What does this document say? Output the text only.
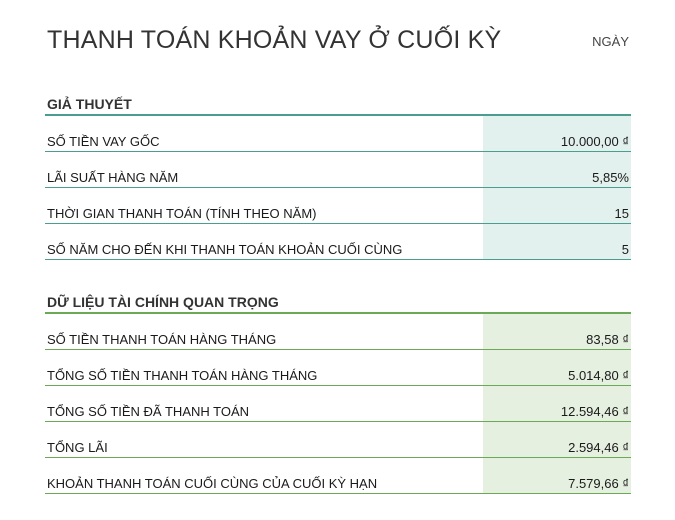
THANH TOÁN KHOẢN VAY Ở CUỐI KỲ	NGÀY
GIẢ THUYẾT
SỐ TIỀN VAY GỐC	10.000,00 ₫
LÃI SUẤT HÀNG NĂM	5,85%
THỜI GIAN THANH TOÁN (TÍNH THEO NĂM)	15
SỐ NĂM CHO ĐẾN KHI THANH TOÁN KHOẢN CUỐI CÙNG	5
DỮ LIỆU TÀI CHÍNH QUAN TRỌNG
SỐ TIỀN THANH TOÁN HÀNG THÁNG	83,58 ₫
TỔNG SỐ TIỀN THANH TOÁN HÀNG THÁNG	5.014,80 ₫
TỔNG SỐ TIỀN ĐÃ THANH TOÁN	12.594,46 ₫
TỔNG LÃI	2.594,46 ₫
KHOẢN THANH TOÁN CUỐI CÙNG CỦA CUỐI KỲ HẠN	7.579,66 ₫
